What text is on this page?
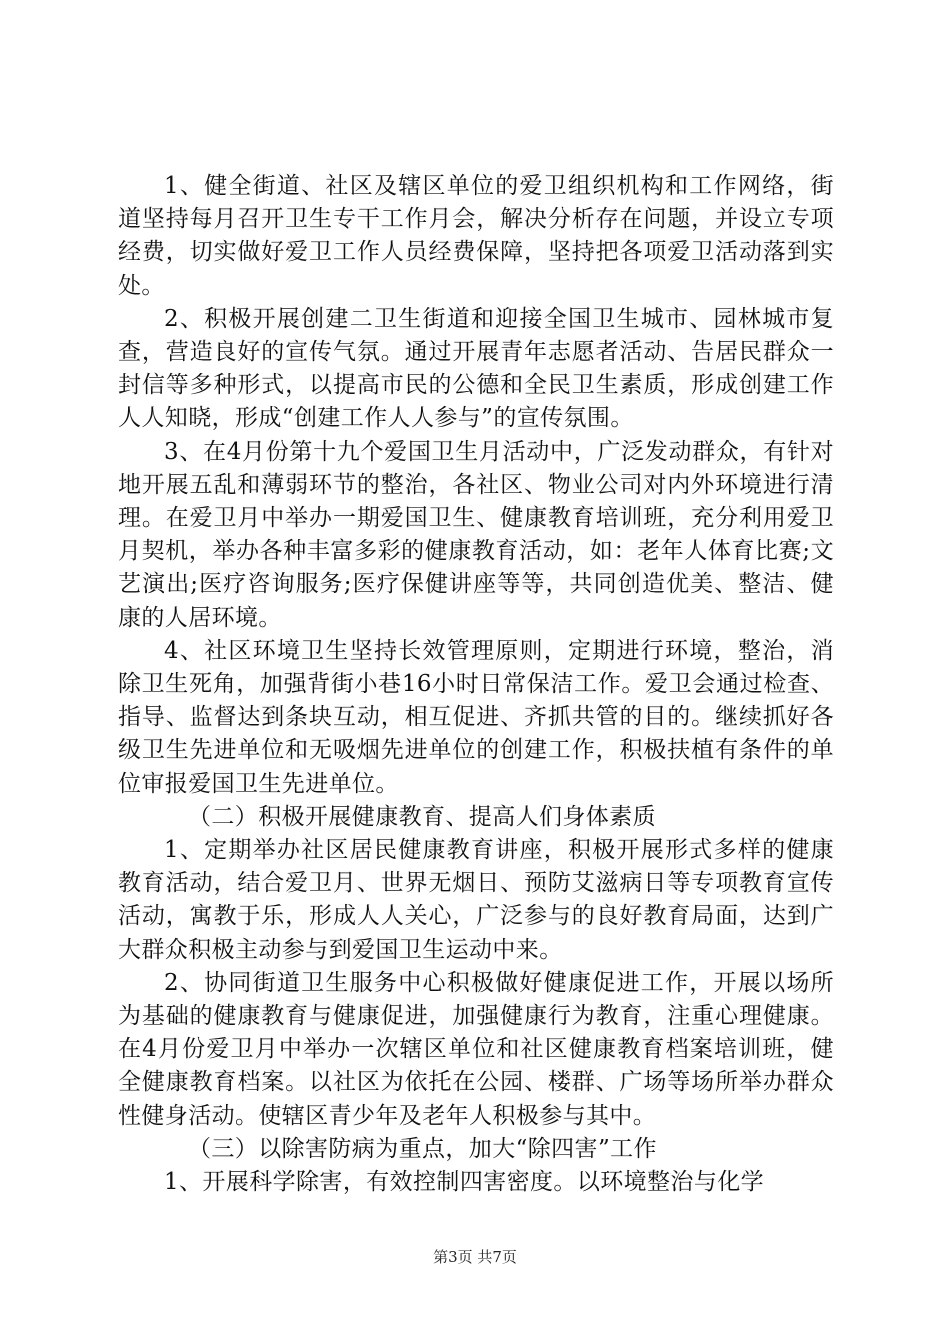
1、健全街道、社区及辖区单位的爱卫组织机构和工作网络，街道坚持每月召开卫生专干工作月会，解决分析存在问题，并设立专项经费，切实做好爱卫工作人员经费保障，坚持把各项爱卫活动落到实处。

2、积极开展创建二卫生街道和迎接全国卫生城市、园林城市复查，营造良好的宣传气氛。通过开展青年志愿者活动、告居民群众一封信等多种形式，以提高市民的公德和全民卫生素质，形成创建工作人人知晓，形成“创建工作人人参与”的宣传氛围。

3、在4月份第十九个爱国卫生月活动中，广泛发动群众，有针对地开展五乱和薄弱环节的整治，各社区、物业公司对内外环境进行清理。在爱卫月中举办一期爱国卫生、健康教育培训班，充分利用爱卫月契机，举办各种丰富多彩的健康教育活动，如：老年人体育比赛;文艺演出;医疗咨询服务;医疗保健讲座等等，共同创造优美、整洁、健康的人居环境。

4、社区环境卫生坚持长效管理原则，定期进行环境，整治，消除卫生死角，加强背街小巷16小时日常保洁工作。爱卫会通过检查、指导、监督达到条块互动，相互促进、齐抓共管的目的。继续抓好各级卫生先进单位和无吸烟先进单位的创建工作，积极扶植有条件的单位审报爱国卫生先进单位。

（二）积极开展健康教育、提高人们身体素质

1、定期举办社区居民健康教育讲座，积极开展形式多样的健康教育活动，结合爱卫月、世界无烟日、预防艾滋病日等专项教育宣传活动，寓教于乐，形成人人关心，广泛参与的良好教育局面，达到广大群众积极主动参与到爱国卫生运动中来。

2、协同街道卫生服务中心积极做好健康促进工作，开展以场所为基础的健康教育与健康促进，加强健康行为教育，注重心理健康。在4月份爱卫月中举办一次辖区单位和社区健康教育档案培训班，健全健康教育档案。以社区为依托在公园、楼群、广场等场所举办群众性健身活动。使辖区青少年及老年人积极参与其中。

（三）以除害防病为重点，加大“除四害”工作

1、开展科学除害，有效控制四害密度。以环境整治与化学

第3页 共7页
